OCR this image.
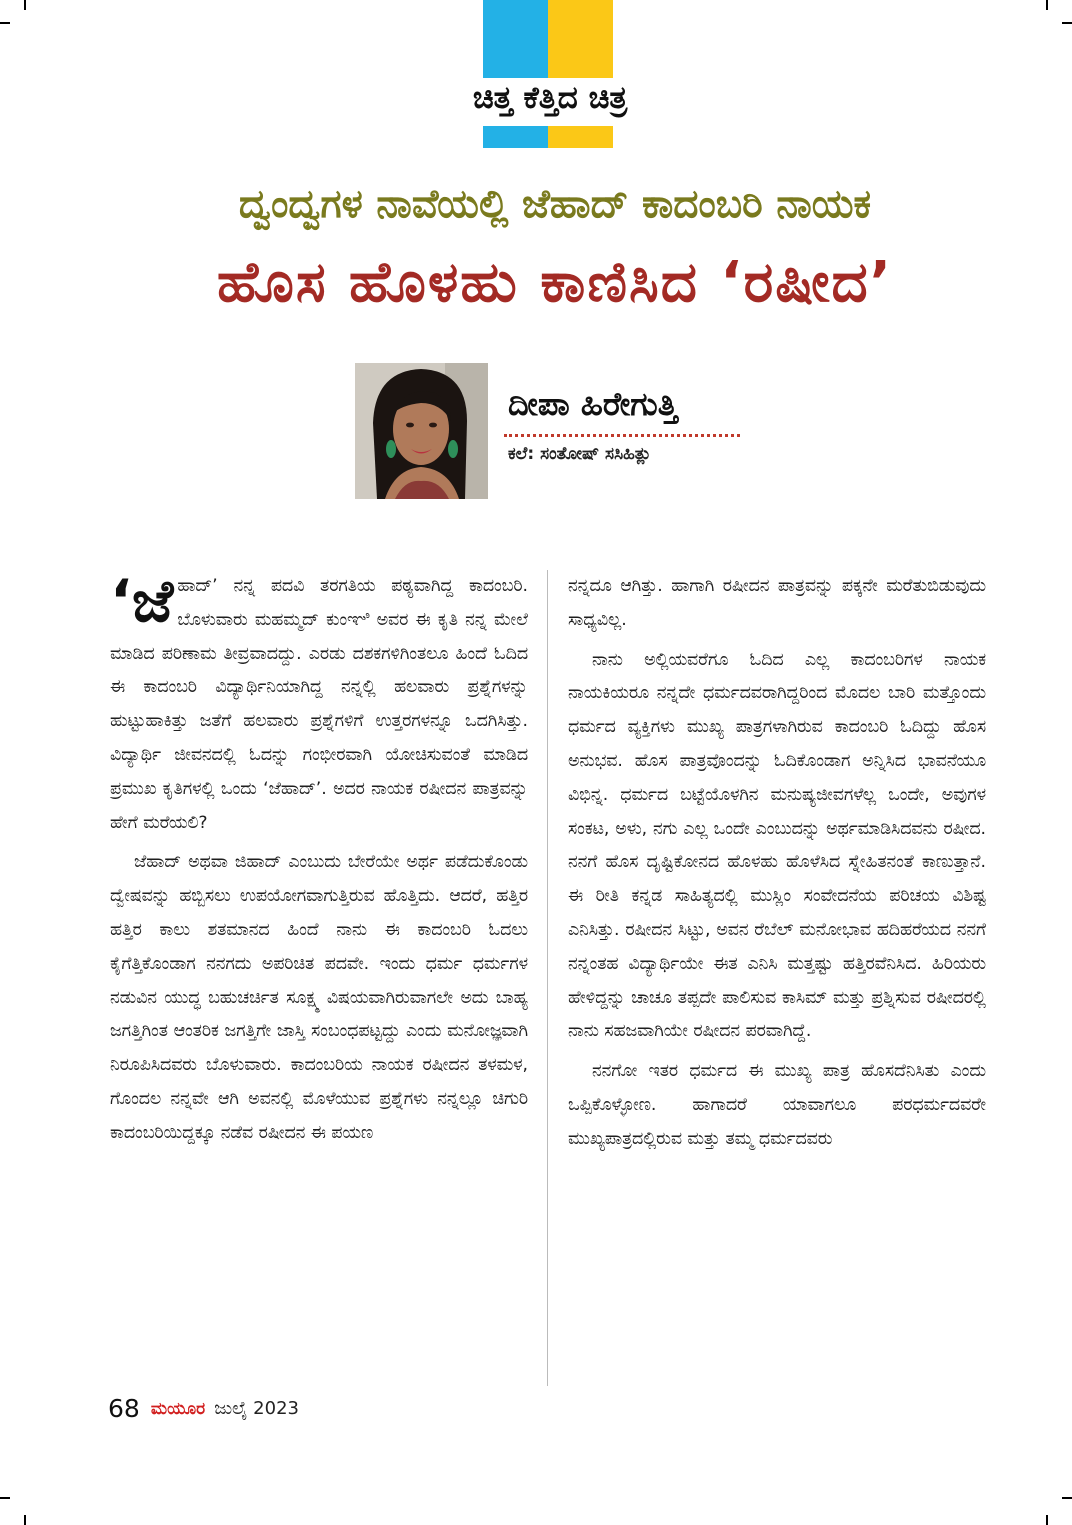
ಚಿತ್ತ ಕೆತ್ತಿದ ಚಿತ್ರ
ದ್ವಂದ್ವಗಳ ನಾವೆಯಲ್ಲಿ ಜೆಹಾದ್ ಕಾದಂಬರಿ ನಾಯಕ
ಹೊಸ ಹೊಳಹು ಕಾಣಿಸಿದ ‘ರಷೀದ’
ದೀಪಾ ಹಿರೇಗುತ್ತಿ
ಕಲೆ: ಸಂತೋಷ್ ಸಸಿಹಿತ್ಲು

‘ಜೆಹಾದ್’ ನನ್ನ ಪದವಿ ತರಗತಿಯ ಪಠ್ಯವಾಗಿದ್ದ ಕಾದಂಬರಿ. ಬೊಳುವಾರು ಮಹಮ್ಮದ್ ಕುಂಞಿ ಅವರ ಈ ಕೃತಿ ನನ್ನ ಮೇಲೆ ಮಾಡಿದ ಪರಿಣಾಮ ತೀವ್ರವಾದದ್ದು. ಎರಡು ದಶಕಗಳಿಗಿಂತಲೂ ಹಿಂದೆ ಓದಿದ ಈ ಕಾದಂಬರಿ ವಿದ್ಯಾರ್ಥಿನಿಯಾಗಿದ್ದ ನನ್ನಲ್ಲಿ ಹಲವಾರು ಪ್ರಶ್ನೆಗಳನ್ನು ಹುಟ್ಟುಹಾಕಿತ್ತು ಜತೆಗೆ ಹಲವಾರು ಪ್ರಶ್ನೆಗಳಿಗೆ ಉತ್ತರಗಳನ್ನೂ ಒದಗಿಸಿತ್ತು. ವಿದ್ಯಾರ್ಥಿ ಜೀವನದಲ್ಲಿ ಓದನ್ನು ಗಂಭೀರವಾಗಿ ಯೋಚಿಸುವಂತೆ ಮಾಡಿದ ಪ್ರಮುಖ ಕೃತಿಗಳಲ್ಲಿ ಒಂದು ‘ಜೆಹಾದ್’. ಅದರ ನಾಯಕ ರಷೀದನ ಪಾತ್ರವನ್ನು ಹೇಗೆ ಮರೆಯಲಿ?

ಜೆಹಾದ್ ಅಥವಾ ಜಿಹಾದ್ ಎಂಬುದು ಬೇರೆಯೇ ಅರ್ಥ ಪಡೆದುಕೊಂಡು ದ್ವೇಷವನ್ನು ಹಬ್ಬಿಸಲು ಉಪಯೋಗವಾಗುತ್ತಿರುವ ಹೊತ್ತಿದು. ಆದರೆ, ಹತ್ತಿರ ಹತ್ತಿರ ಕಾಲು ಶತಮಾನದ ಹಿಂದೆ ನಾನು ಈ ಕಾದಂಬರಿ ಓದಲು ಕೈಗೆತ್ತಿಕೊಂಡಾಗ ನನಗದು ಅಪರಿಚಿತ ಪದವೇ. ಇಂದು ಧರ್ಮ ಧರ್ಮಗಳ ನಡುವಿನ ಯುದ್ಧ ಬಹುಚರ್ಚಿತ ಸೂಕ್ಷ್ಮ ವಿಷಯವಾಗಿರುವಾಗಲೇ ಅದು ಬಾಹ್ಯ ಜಗತ್ತಿಗಿಂತ ಆಂತರಿಕ ಜಗತ್ತಿಗೇ ಜಾಸ್ತಿ ಸಂಬಂಧಪಟ್ಟದ್ದು ಎಂದು ಮನೋಜ್ಞವಾಗಿ ನಿರೂಪಿಸಿದವರು ಬೊಳುವಾರು. ಕಾದಂಬರಿಯ ನಾಯಕ ರಷೀದನ ತಳಮಳ, ಗೊಂದಲ ನನ್ನವೇ ಆಗಿ ಅವನಲ್ಲಿ ಮೊಳೆಯುವ ಪ್ರಶ್ನೆಗಳು ನನ್ನಲ್ಲೂ ಚಿಗುರಿ ಕಾದಂಬರಿಯಿದ್ದಕ್ಕೂ ನಡೆವ ರಷೀದನ ಈ ಪಯಣ

ನನ್ನದೂ ಆಗಿತ್ತು. ಹಾಗಾಗಿ ರಷೀದನ ಪಾತ್ರವನ್ನು ಪಕ್ಕನೇ ಮರೆತುಬಿಡುವುದು ಸಾಧ್ಯವಿಲ್ಲ.

ನಾನು ಅಲ್ಲಿಯವರೆಗೂ ಓದಿದ ಎಲ್ಲ ಕಾದಂಬರಿಗಳ ನಾಯಕ ನಾಯಕಿಯರೂ ನನ್ನದೇ ಧರ್ಮದವರಾಗಿದ್ದರಿಂದ ಮೊದಲ ಬಾರಿ ಮತ್ತೊಂದು ಧರ್ಮದ ವ್ಯಕ್ತಿಗಳು ಮುಖ್ಯ ಪಾತ್ರಗಳಾಗಿರುವ ಕಾದಂಬರಿ ಓದಿದ್ದು ಹೊಸ ಅನುಭವ. ಹೊಸ ಪಾತ್ರವೊಂದನ್ನು ಓದಿಕೊಂಡಾಗ ಅನ್ನಿಸಿದ ಭಾವನೆಯೂ ವಿಭಿನ್ನ. ಧರ್ಮದ ಬಟ್ಟೆಯೊಳಗಿನ ಮನುಷ್ಯಜೀವಗಳೆಲ್ಲ ಒಂದೇ, ಅವುಗಳ ಸಂಕಟ, ಅಳು, ನಗು ಎಲ್ಲ ಒಂದೇ ಎಂಬುದನ್ನು ಅರ್ಥಮಾಡಿಸಿದವನು ರಷೀದ. ನನಗೆ ಹೊಸ ದೃಷ್ಟಿಕೋನದ ಹೊಳಹು ಹೊಳೆಸಿದ ಸ್ನೇಹಿತನಂತೆ ಕಾಣುತ್ತಾನೆ. ಈ ರೀತಿ ಕನ್ನಡ ಸಾಹಿತ್ಯದಲ್ಲಿ ಮುಸ್ಲಿಂ ಸಂವೇದನೆಯ ಪರಿಚಯ ವಿಶಿಷ್ಟ ಎನಿಸಿತ್ತು. ರಷೀದನ ಸಿಟ್ಟು, ಅವನ ರೆಬೆಲ್ ಮನೋಭಾವ ಹದಿಹರೆಯದ ನನಗೆ ನನ್ನಂತಹ ವಿದ್ಯಾರ್ಥಿಯೇ ಈತ ಎನಿಸಿ ಮತ್ತಷ್ಟು ಹತ್ತಿರವೆನಿಸಿದ. ಹಿರಿಯರು ಹೇಳಿದ್ದನ್ನು ಚಾಚೂ ತಪ್ಪದೇ ಪಾಲಿಸುವ ಕಾಸಿಮ್ ಮತ್ತು ಪ್ರಶ್ನಿಸುವ ರಷೀದರಲ್ಲಿ ನಾನು ಸಹಜವಾಗಿಯೇ ರಷೀದನ ಪರವಾಗಿದ್ದೆ.

ನನಗೋ ಇತರ ಧರ್ಮದ ಈ ಮುಖ್ಯ ಪಾತ್ರ ಹೊಸದೆನಿಸಿತು ಎಂದು ಒಪ್ಪಿಕೊಳ್ಳೋಣ. ಹಾಗಾದರೆ ಯಾವಾಗಲೂ ಪರಧರ್ಮದವರೇ ಮುಖ್ಯಪಾತ್ರದಲ್ಲಿರುವ ಮತ್ತು ತಮ್ಮ ಧರ್ಮದವರು

68 ಮಯೂರ ಜುಲೈ 2023
